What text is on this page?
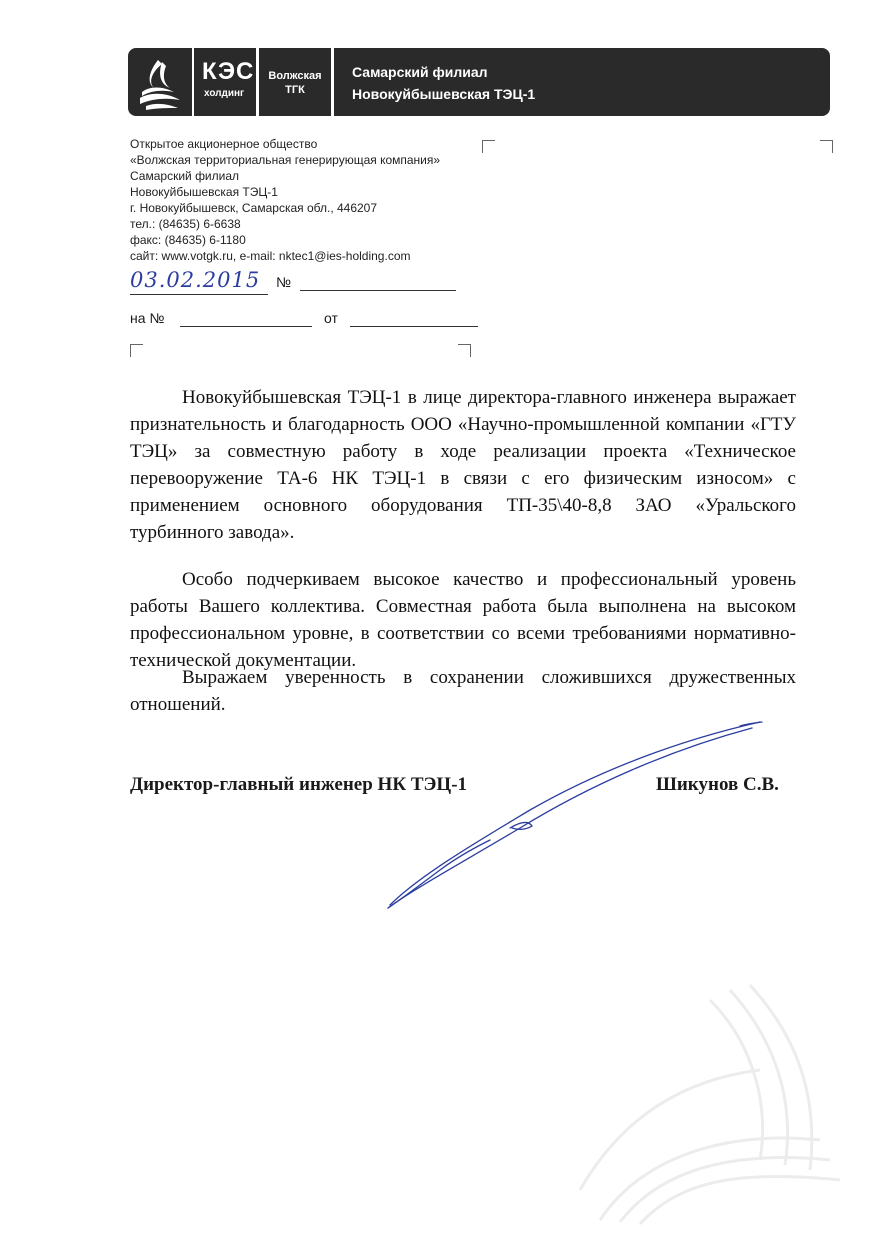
КЭС
холдинг
Волжская
ТГК
Самарский филиал
Новокуйбышевская ТЭЦ-1
Открытое акционерное общество
«Волжская территориальная генерирующая компания»
Самарский филиал
Новокуйбышевская ТЭЦ-1
г. Новокуйбышевск, Самарская обл., 446207
тел.: (84635) 6-6638
факс: (84635) 6-1180
сайт: www.votgk.ru, e-mail: nktec1@ies-holding.com
03.02.2015 №
на №	от

Новокуйбышевская ТЭЦ-1 в лице директора-главного инженера выражает признательность и благодарность ООО «Научно-промышленной компании «ГТУ ТЭЦ» за совместную работу в ходе реализации проекта «Техническое перевооружение ТА-6 НК ТЭЦ-1 в связи с его физическим износом» с применением основного оборудования ТП-35\40-8,8 ЗАО «Уральского турбинного завода».

Особо подчеркиваем высокое качество и профессиональный уровень работы Вашего коллектива. Совместная работа была выполнена на высоком профессиональном уровне, в соответствии со всеми требованиями нормативно-технической документации.

Выражаем уверенность в сохранении сложившихся дружественных отношений.

Директор-главный инженер НК ТЭЦ-1	Шикунов С.В.
